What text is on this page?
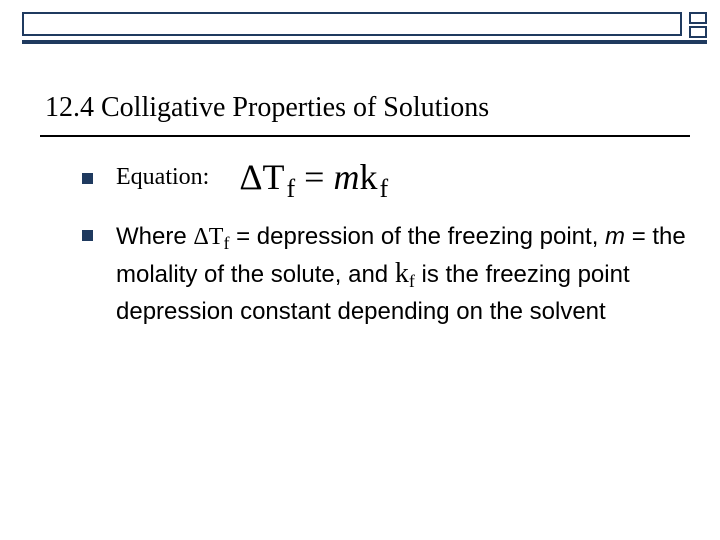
12.4 Colligative Properties of Solutions
Equation: $\Delta T_f = mk_f$
Where $\Delta T_f$ = depression of the freezing point, m = the molality of the solute, and $k_f$ is the freezing point depression constant depending on the solvent
